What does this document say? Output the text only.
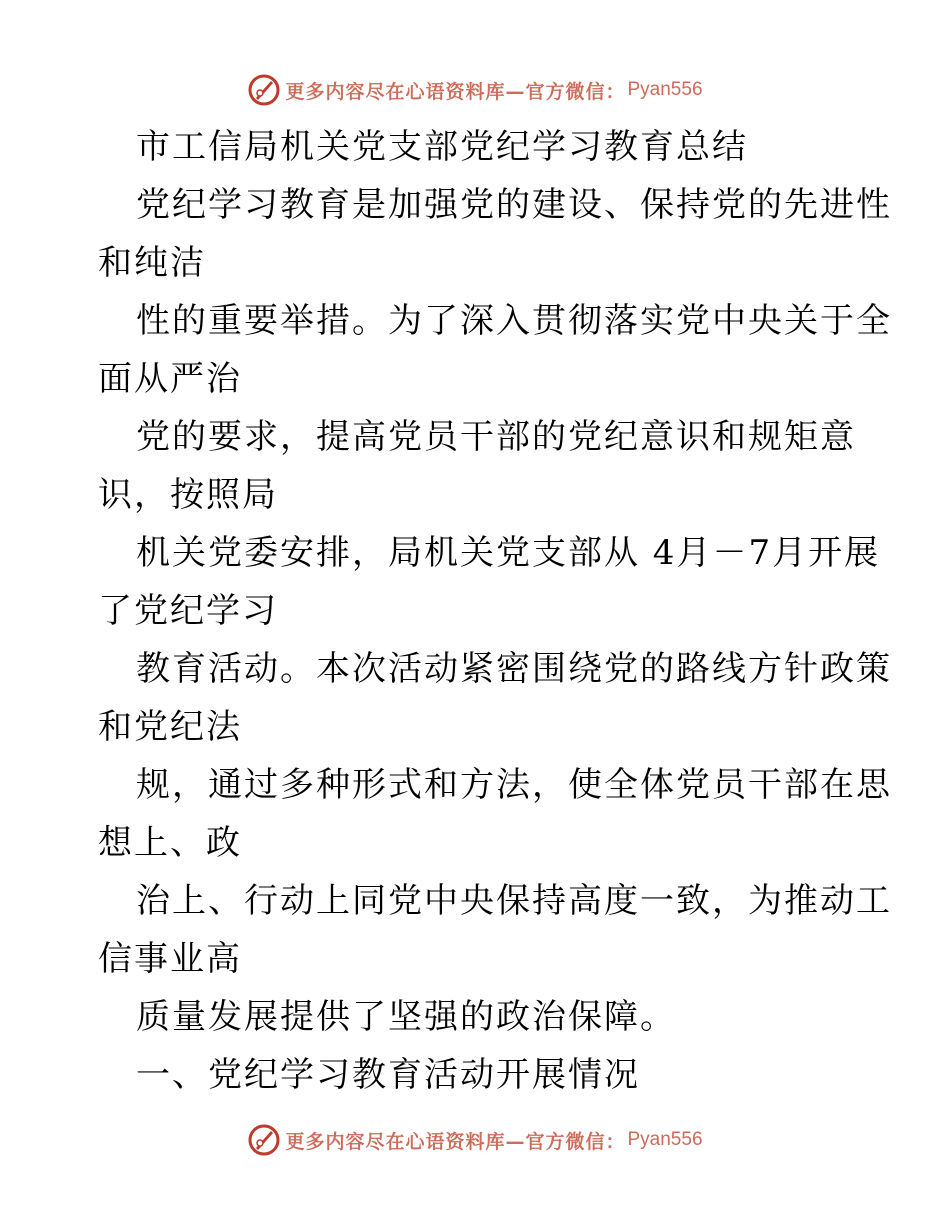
更多内容尽在心语资料库—官方微信： Pyan556
市工信局机关党支部党纪学习教育总结
党纪学习教育是加强党的建设、保持党的先进性
和纯洁
性的重要举措。为了深入贯彻落实党中央关于全
面从严治
党的要求，提高党员干部的党纪意识和规矩意
识，按照局
机关党委安排，局机关党支部从 4月－7月开展
了党纪学习
教育活动。本次活动紧密围绕党的路线方针政策
和党纪法
规，通过多种形式和方法，使全体党员干部在思
想上、政
治上、行动上同党中央保持高度一致，为推动工
信事业高
质量发展提供了坚强的政治保障。
一、党纪学习教育活动开展情况
更多内容尽在心语资料库—官方微信： Pyan556
